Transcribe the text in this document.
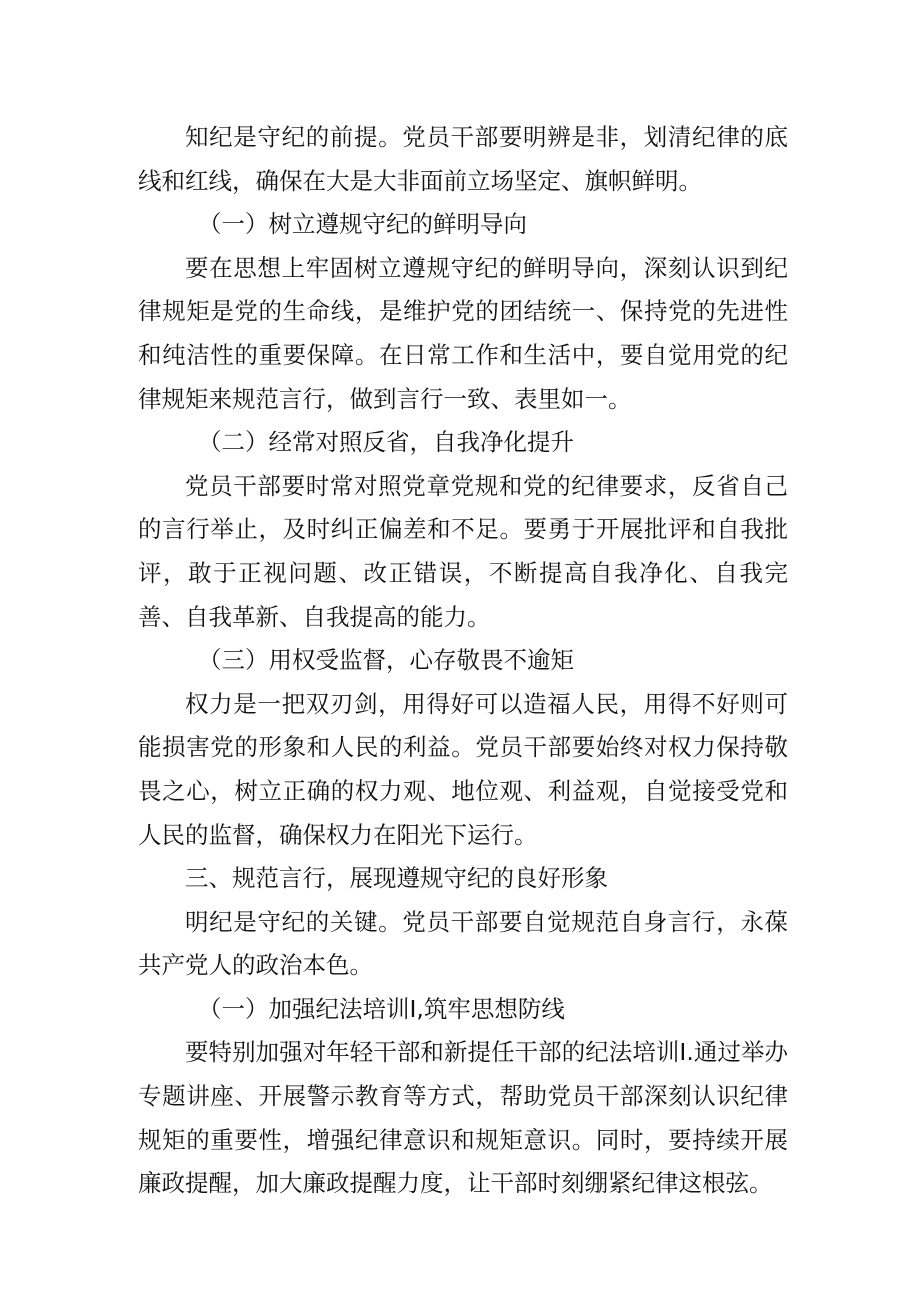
知纪是守纪的前提。党员干部要明辨是非，划清纪律的底线和红线，确保在大是大非面前立场坚定、旗帜鲜明。

（一）树立遵规守纪的鲜明导向

要在思想上牢固树立遵规守纪的鲜明导向，深刻认识到纪律规矩是党的生命线，是维护党的团结统一、保持党的先进性和纯洁性的重要保障。在日常工作和生活中，要自觉用党的纪律规矩来规范言行，做到言行一致、表里如一。

（二）经常对照反省，自我净化提升

党员干部要时常对照党章党规和党的纪律要求，反省自己的言行举止，及时纠正偏差和不足。要勇于开展批评和自我批评，敢于正视问题、改正错误，不断提高自我净化、自我完善、自我革新、自我提高的能力。

（三）用权受监督，心存敬畏不逾矩

权力是一把双刃剑，用得好可以造福人民，用得不好则可能损害党的形象和人民的利益。党员干部要始终对权力保持敬畏之心，树立正确的权力观、地位观、利益观，自觉接受党和人民的监督，确保权力在阳光下运行。

三、规范言行，展现遵规守纪的良好形象

明纪是守纪的关键。党员干部要自觉规范自身言行，永葆共产党人的政治本色。

（一）加强纪法培训I,筑牢思想防线

要特别加强对年轻干部和新提任干部的纪法培训I.通过举办专题讲座、开展警示教育等方式，帮助党员干部深刻认识纪律规矩的重要性，增强纪律意识和规矩意识。同时，要持续开展廉政提醒，加大廉政提醒力度，让干部时刻绷紧纪律这根弦。
